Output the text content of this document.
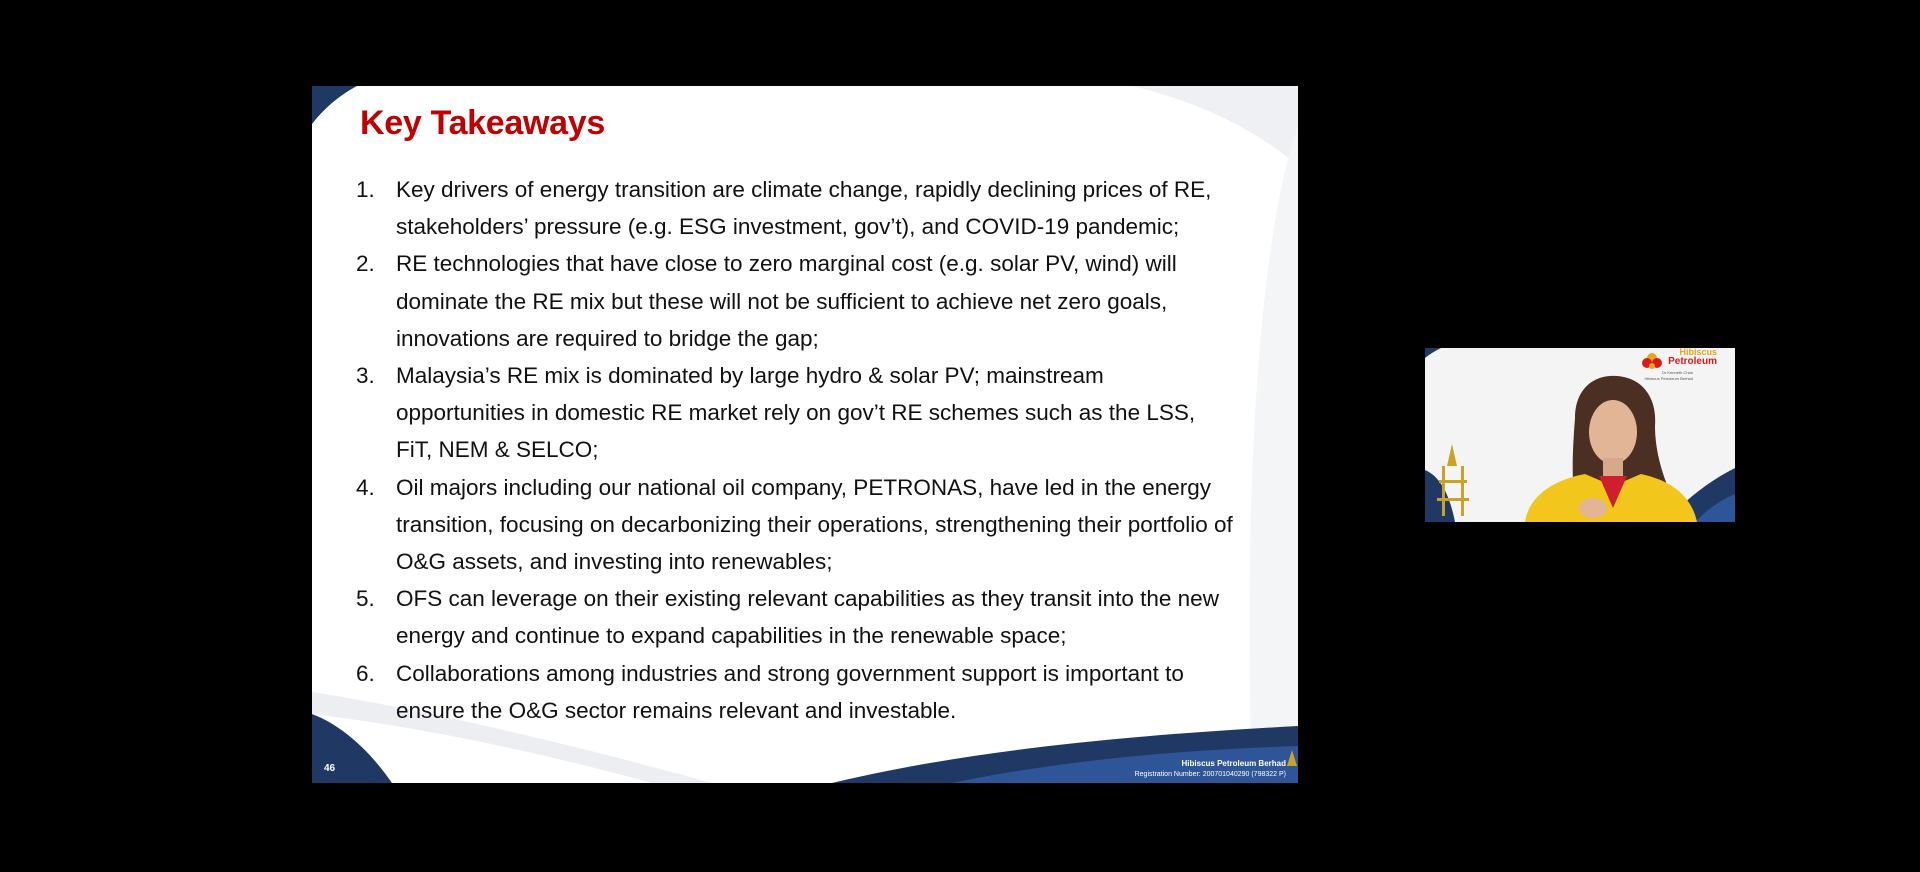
Key Takeaways
1. Key drivers of energy transition are climate change, rapidly declining prices of RE, stakeholders’ pressure (e.g. ESG investment, gov’t), and COVID-19 pandemic;
2. RE technologies that have close to zero marginal cost (e.g. solar PV, wind) will dominate the RE mix but these will not be sufficient to achieve net zero goals, innovations are required to bridge the gap;
3. Malaysia’s RE mix is dominated by large hydro & solar PV; mainstream opportunities in domestic RE market rely on gov’t RE schemes such as the LSS, FiT, NEM & SELCO;
4. Oil majors including our national oil company, PETRONAS, have led in the energy transition, focusing on decarbonizing their operations, strengthening their portfolio of O&G assets, and investing into renewables;
5. OFS can leverage on their existing relevant capabilities as they transit into the new energy and continue to expand capabilities in the renewable space;
6. Collaborations among industries and strong government support is important to ensure the O&G sector remains relevant and investable.
46	Hibiscus Petroleum Berhad
Registration Number: 200701040290 (798322 P)
Hibiscus
Petroleum
Dr Kenneth Chan
Hibiscus Petroleum Berhad
